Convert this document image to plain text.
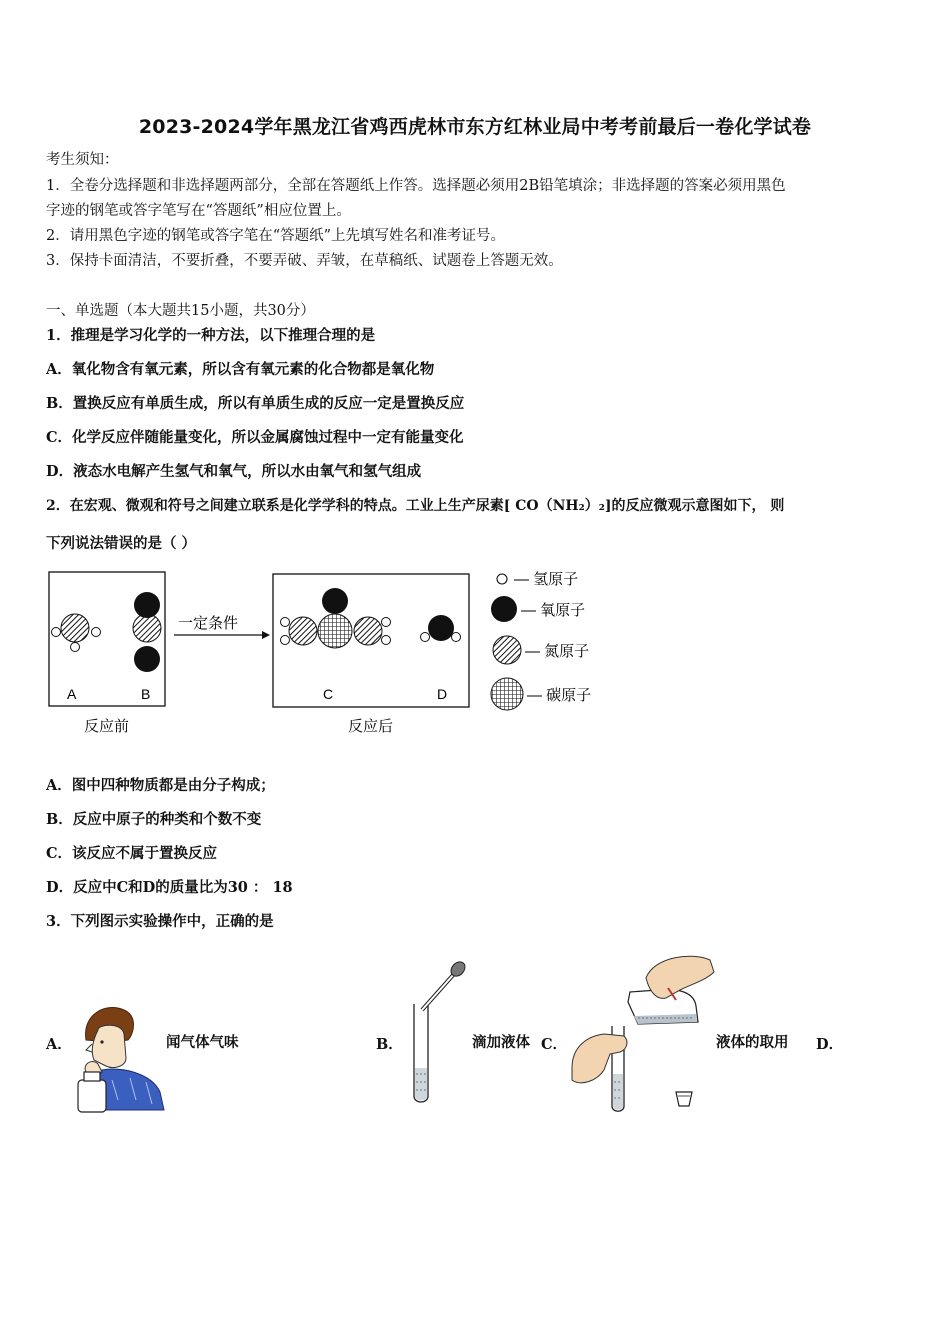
2023-2024学年黑龙江省鸡西虎林市东方红林业局中考考前最后一卷化学试卷
考生须知：
1．全卷分选择题和非选择题两部分，全部在答题纸上作答。选择题必须用2B铅笔填涂；非选择题的答案必须用黑色
字迹的钢笔或答字笔写在“答题纸”相应位置上。
2．请用黑色字迹的钢笔或答字笔在“答题纸”上先填写姓名和准考证号。
3．保持卡面清洁，不要折叠，不要弄破、弄皱，在草稿纸、试题卷上答题无效。
一、单选题（本大题共15小题，共30分）
1．推理是学习化学的一种方法，以下推理合理的是
A．氧化物含有氧元素，所以含有氧元素的化合物都是氧化物
B．置换反应有单质生成，所以有单质生成的反应一定是置换反应
C．化学反应伴随能量变化，所以金属腐蚀过程中一定有能量变化
D．液态水电解产生氢气和氧气，所以水由氧气和氢气组成
2．在宏观、微观和符号之间建立联系是化学学科的特点。工业上生产尿素[ CO（NH₂）₂]的反应微观示意图如下， 则
下列说法错误的是（ ）
A	B
反应前
一定条件
C	D
反应后
— 氢原子
— 氧原子
— 氮原子
— 碳原子
A．图中四种物质都是由分子构成；
B．反应中原子的种类和个数不变
C．该反应不属于置换反应
D．反应中C和D的质量比为30 ： 18
3．下列图示实验操作中，正确的是
A．	闻气体气味	B．	滴加液体 C．	液体的取用 D．
